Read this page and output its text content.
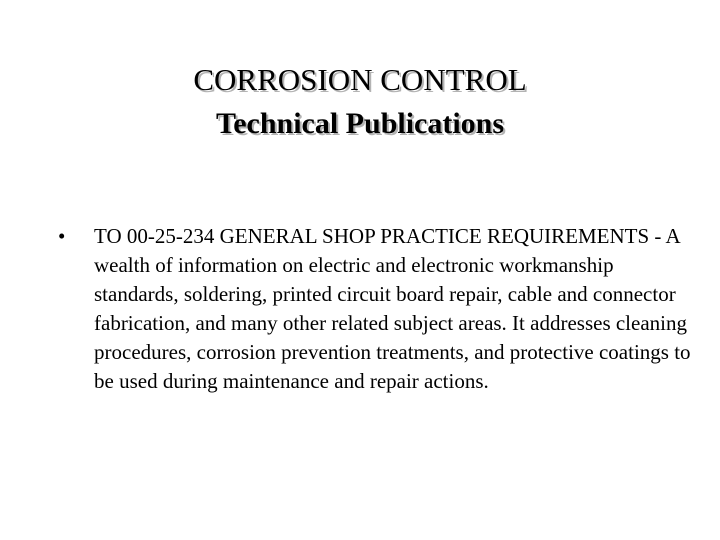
CORROSION CONTROL
Technical Publications
• TO 00-25-234 GENERAL SHOP PRACTICE REQUIREMENTS - A wealth of information on electric and electronic workmanship standards, soldering, printed circuit board repair, cable and connector fabrication, and many other related subject areas. It addresses cleaning procedures, corrosion prevention treatments, and protective coatings to be used during maintenance and repair actions.
